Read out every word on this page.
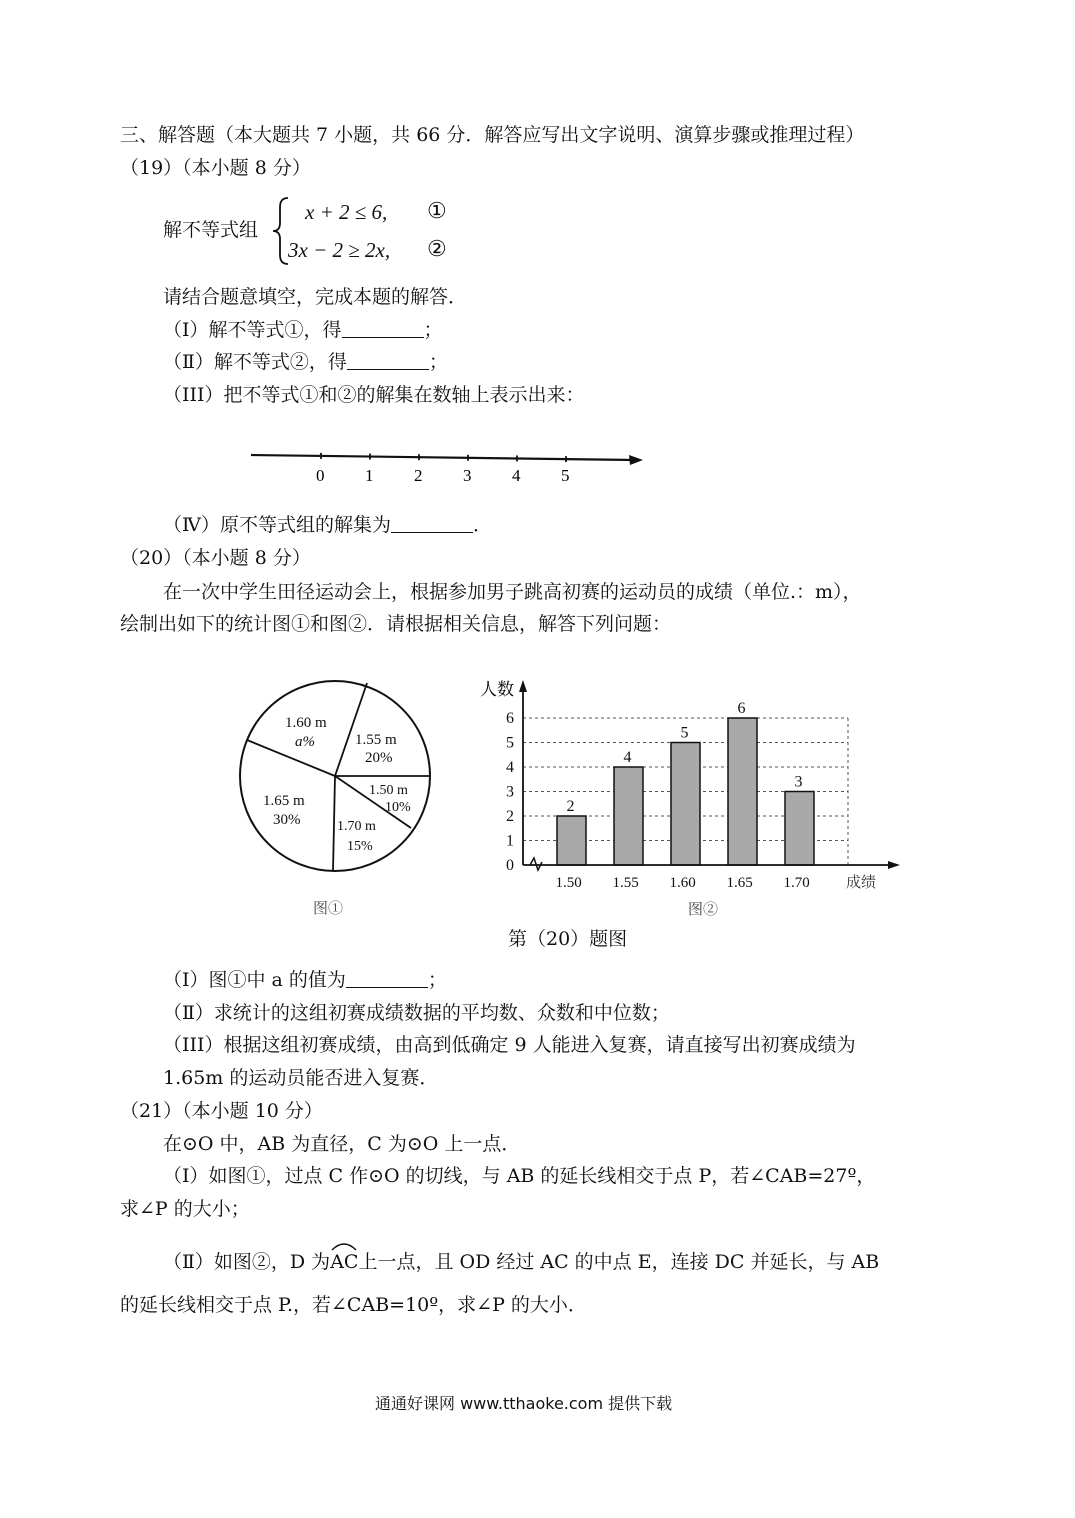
三、解答题（本大题共 7 小题，共 66 分．解答应写出文字说明、演算步骤或推理过程）
（19）（本小题 8 分）
解不等式组
x + 2 ≤ 6, ①
3x − 2 ≥ 2x, ②
请结合题意填空，完成本题的解答．
（Ⅰ）解不等式①，得	；
（Ⅱ）解不等式②，得	；
（III）把不等式①和②的解集在数轴上表示出来：
0 1 2 3 4 5
（Ⅳ）原不等式组的解集为	．
（20）（本小题 8 分）
在一次中学生田径运动会上，根据参加男子跳高初赛的运动员的成绩（单位.：m），
绘制出如下的统计图①和图②．请根据相关信息，解答下列问题：
1.60 m
a%	1.55 m
20%
1.50 m
10%
1.70 m
15%
1.65 m
30%
图①
人数
成绩
0
1
2
3
4
5
6
2
1.50
4
1.55
5
1.60
6
1.65
3
1.70
图②
第（20）题图
（Ⅰ）图①中 a 的值为	；
（Ⅱ）求统计的这组初赛成绩数据的平均数、众数和中位数；
（III）根据这组初赛成绩，由高到低确定 9 人能进入复赛，请直接写出初赛成绩为
1.65m 的运动员能否进入复赛．
（21）（本小题 10 分）
在⊙O 中，AB 为直径，C 为⊙O 上一点．
（Ⅰ）如图①，过点 C 作⊙O 的切线，与 AB 的延长线相交于点 P，若∠CAB=27º，
求∠P 的大小；
（Ⅱ）如图②，D 为
AC上一点，且 OD 经过 AC 的中点 E，连接 DC 并延长，与 AB
的延长线相交于点 P.，若∠CAB=10º，求∠P 的大小．
通通好课网 www.tthaoke.com 提供下载
